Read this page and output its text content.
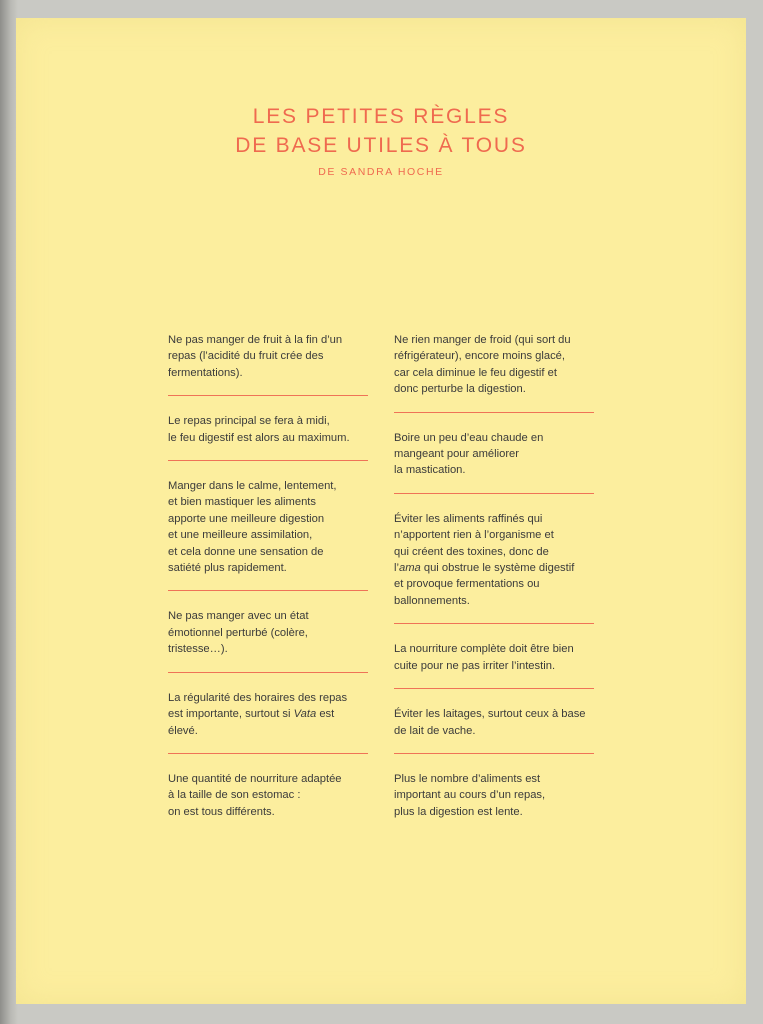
LES PETITES RÈGLES
DE BASE UTILES À TOUS
DE SANDRA HOCHE
Ne pas manger de fruit à la fin d’un
repas (l’acidité du fruit crée des
fermentations).
Le repas principal se fera à midi,
le feu digestif est alors au maximum.
Manger dans le calme, lentement,
et bien mastiquer les aliments
apporte une meilleure digestion
et une meilleure assimilation,
et cela donne une sensation de
satiété plus rapidement.
Ne pas manger avec un état
émotionnel perturbé (colère,
tristesse…).
La régularité des horaires des repas
est importante, surtout si Vata est
élevé.
Une quantité de nourriture adaptée
à la taille de son estomac :
on est tous différents.
Ne rien manger de froid (qui sort du
réfrigérateur), encore moins glacé,
car cela diminue le feu digestif et
donc perturbe la digestion.
Boire un peu d’eau chaude en
mangeant pour améliorer
la mastication.
Éviter les aliments raffinés qui
n’apportent rien à l’organisme et
qui créent des toxines, donc de
l’ama qui obstrue le système digestif
et provoque fermentations ou
ballonnements.
La nourriture complète doit être bien
cuite pour ne pas irriter l’intestin.
Éviter les laitages, surtout ceux à base
de lait de vache.
Plus le nombre d’aliments est
important au cours d’un repas,
plus la digestion est lente.
